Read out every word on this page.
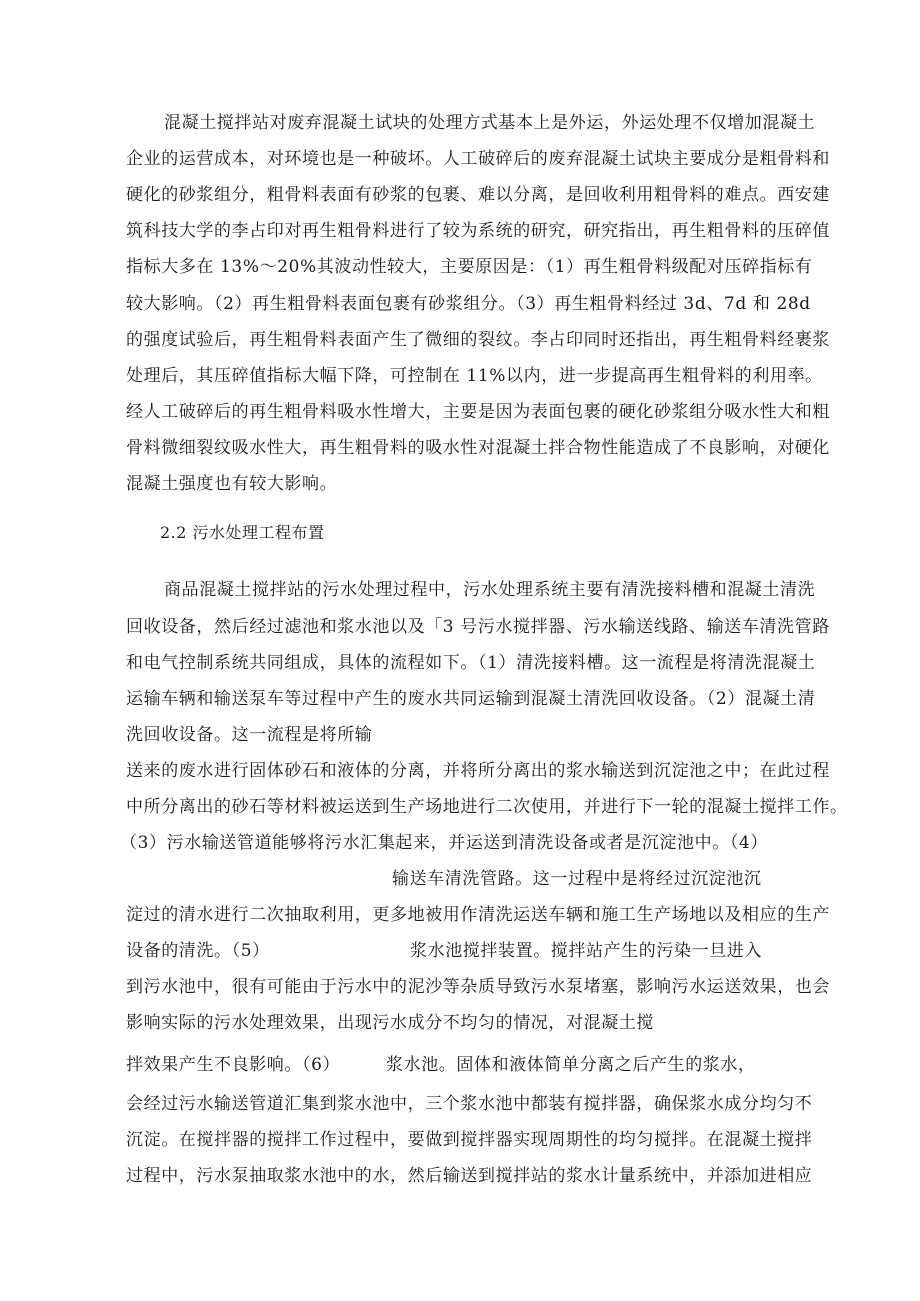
混凝土搅拌站对废弃混凝土试块的处理方式基本上是外运，外运处理不仅增加混凝土
企业的运营成本，对环境也是一种破坏。人工破碎后的废弃混凝土试块主要成分是粗骨料和
硬化的砂浆组分，粗骨料表面有砂浆的包裹、难以分离，是回收利用粗骨料的难点。西安建
筑科技大学的李占印对再生粗骨料进行了较为系统的研究，研究指出，再生粗骨料的压碎值
指标大多在 13%～20%其波动性较大，主要原因是：（1）再生粗骨料级配对压碎指标有
较大影响。（2）再生粗骨料表面包裹有砂浆组分。（3）再生粗骨料经过 3d、7d 和 28d
的强度试验后，再生粗骨料表面产生了微细的裂纹。李占印同时还指出，再生粗骨料经裹浆
处理后，其压碎值指标大幅下降，可控制在 11%以内，进一步提高再生粗骨料的利用率。
经人工破碎后的再生粗骨料吸水性增大，主要是因为表面包裹的硬化砂浆组分吸水性大和粗
骨料微细裂纹吸水性大，再生粗骨料的吸水性对混凝土拌合物性能造成了不良影响，对硬化
混凝土强度也有较大影响。
2.2 污水处理工程布置
商品混凝土搅拌站的污水处理过程中，污水处理系统主要有清洗接料槽和混凝土清洗
回收设备，然后经过滤池和浆水池以及「3 号污水搅拌器、污水输送线路、输送车清洗管路
和电气控制系统共同组成，具体的流程如下。（1）清洗接料槽。这一流程是将清洗混凝土
运输车辆和输送泵车等过程中产生的废水共同运输到混凝土清洗回收设备。（2）混凝土清
洗回收设备。这一流程是将所输
送来的废水进行固体砂石和液体的分离，并将所分离出的浆水输送到沉淀池之中；在此过程
中所分离出的砂石等材料被运送到生产场地进行二次使用，并进行下一轮的混凝土搅拌工作。
（3）污水输送管道能够将污水汇集起来，并运送到清洗设备或者是沉淀池中。（4）
输送车清洗管路。这一过程中是将经过沉淀池沉
淀过的清水进行二次抽取利用，更多地被用作清洗运送车辆和施工生产场地以及相应的生产
设备的清洗。（5）	浆水池搅拌装置。搅拌站产生的污染一旦进入
到污水池中，很有可能由于污水中的泥沙等杂质导致污水泵堵塞，影响污水运送效果，也会
影响实际的污水处理效果，出现污水成分不均匀的情况，对混凝土搅
拌效果产生不良影响。（6）	浆水池。固体和液体简单分离之后产生的浆水，
会经过污水输送管道汇集到浆水池中，三个浆水池中都装有搅拌器，确保浆水成分均匀不
沉淀。在搅拌器的搅拌工作过程中，要做到搅拌器实现周期性的均匀搅拌。在混凝土搅拌
过程中，污水泵抽取浆水池中的水，然后输送到搅拌站的浆水计量系统中，并添加进相应
